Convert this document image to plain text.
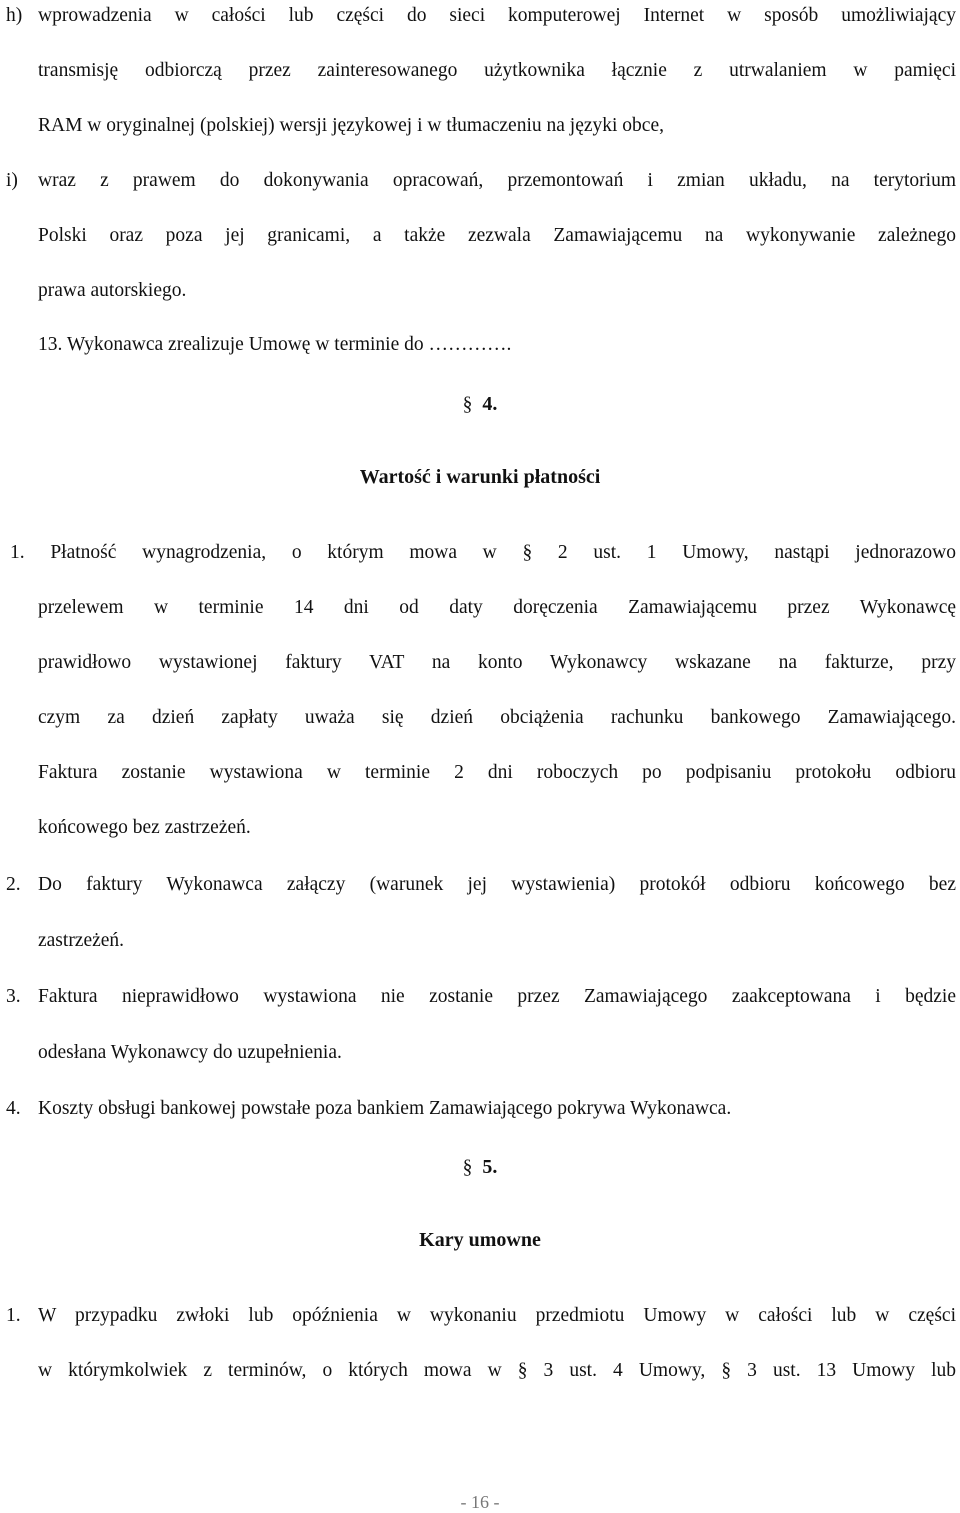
h) wprowadzenia w całości lub części do sieci komputerowej Internet w sposób umożliwiający
transmisję odbiorczą przez zainteresowanego użytkownika łącznie z utrwalaniem w pamięci
RAM w oryginalnej (polskiej) wersji językowej i w tłumaczeniu na języki obce,
i) wraz z prawem do dokonywania opracowań, przemontowań i zmian układu, na terytorium
Polski oraz poza jej granicami, a także zezwala Zamawiającemu na wykonywanie zależnego
prawa autorskiego.
13. Wykonawca zrealizuje Umowę w terminie do ………….
§ 4.
Wartość i warunki płatności
1. Płatność wynagrodzenia, o którym mowa w § 2 ust. 1 Umowy, nastąpi jednorazowo
przelewem w terminie 14 dni od daty doręczenia Zamawiającemu przez Wykonawcę
prawidłowo wystawionej faktury VAT na konto Wykonawcy wskazane na fakturze, przy
czym za dzień zapłaty uważa się dzień obciążenia rachunku bankowego Zamawiającego.
Faktura zostanie wystawiona w terminie 2 dni roboczych po podpisaniu protokołu odbioru
końcowego bez zastrzeżeń.
2. Do faktury Wykonawca załączy (warunek jej wystawienia) protokół odbioru końcowego bez
zastrzeżeń.
3. Faktura nieprawidłowo wystawiona nie zostanie przez Zamawiającego zaakceptowana i będzie
odesłana Wykonawcy do uzupełnienia.
4. Koszty obsługi bankowej powstałe poza bankiem Zamawiającego pokrywa Wykonawca.
§ 5.
Kary umowne
1. W przypadku zwłoki lub opóźnienia w wykonaniu przedmiotu Umowy w całości lub w części
w którymkolwiek z terminów, o których mowa w § 3 ust. 4 Umowy, § 3 ust. 13 Umowy lub
- 16 -
